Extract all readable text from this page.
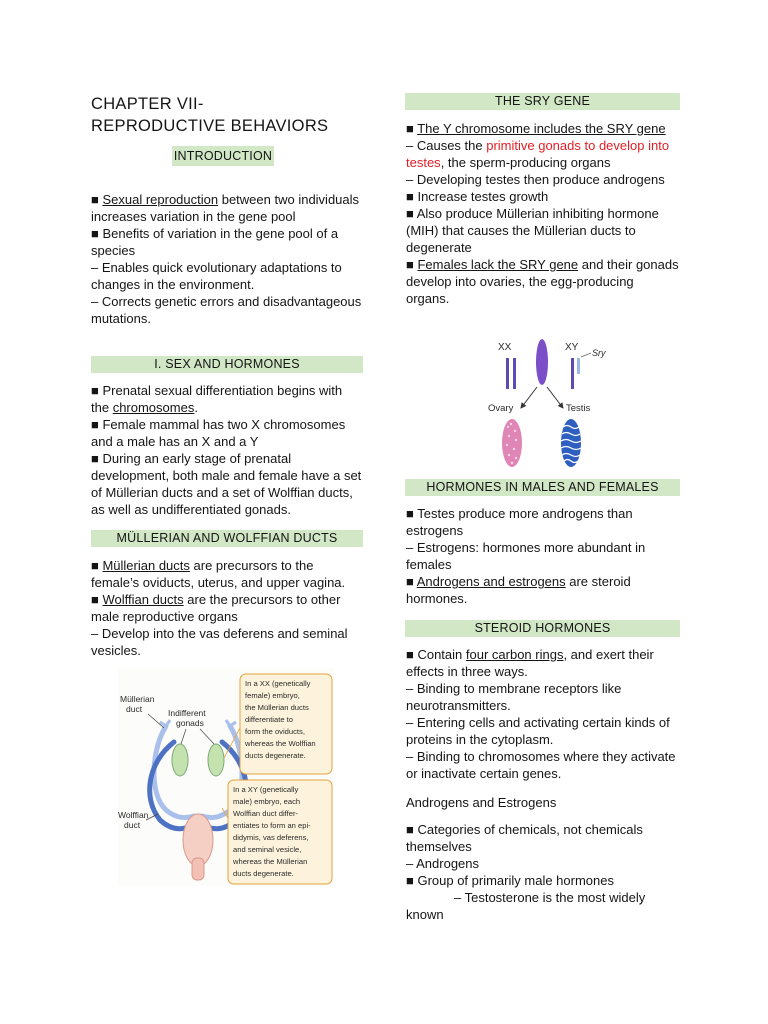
CHAPTER VII- REPRODUCTIVE BEHAVIORS
INTRODUCTION

■ Sexual reproduction between two individuals increases variation in the gene pool

■ Benefits of variation in the gene pool of a species

– Enables quick evolutionary adaptations to changes in the environment.

– Corrects genetic errors and disadvantageous mutations.

I. SEX AND HORMONES

■ Prenatal sexual differentiation begins with the chromosomes.

■ Female mammal has two X chromosomes and a male has an X and a Y

■ During an early stage of prenatal development, both male and female have a set of Müllerian ducts and a set of Wolffian ducts, as well as undifferentiated gonads.

MÜLLERIAN AND WOLFFIAN DUCTS

■ Müllerian ducts are precursors to the female’s oviducts, uterus, and upper vagina.

■ Wolffian ducts are the precursors to other male reproductive organs

– Develop into the vas deferens and seminal vesicles.

Müllerian
duct	Indifferent
gonads
Wolffian
duct
In a XX (genetically
female) embryo,
the Müllerian ducts
differentiate to
form the oviducts,
whereas the Wolffian
ducts degenerate.
In a XY (genetically
male) embryo, each
Wolffian duct differ-
entiates to form an epi-
didymis, vas deferens,
and seminal vesicle,
whereas the Müllerian
ducts degenerate.
THE SRY GENE

■ The Y chromosome includes the SRY gene

– Causes the primitive gonads to develop into testes, the sperm-producing organs

– Developing testes then produce androgens

■ Increase testes growth

■ Also produce Müllerian inhibiting hormone (MIH) that causes the Müllerian ducts to degenerate

■ Females lack the SRY gene and their gonads develop into ovaries, the egg-producing organs.

XX	XY Sry
Ovary	Testis
HORMONES IN MALES AND FEMALES

■ Testes produce more androgens than estrogens

– Estrogens: hormones more abundant in females

■ Androgens and estrogens are steroid hormones.

STEROID HORMONES

■ Contain four carbon rings, and exert their effects in three ways.

– Binding to membrane receptors like neurotransmitters.

– Entering cells and activating certain kinds of proteins in the cytoplasm.

– Binding to chromosomes where they activate or inactivate certain genes.

Androgens and Estrogens

■ Categories of chemicals, not chemicals themselves

– Androgens

■ Group of primarily male hormones

– Testosterone is the most widely known
